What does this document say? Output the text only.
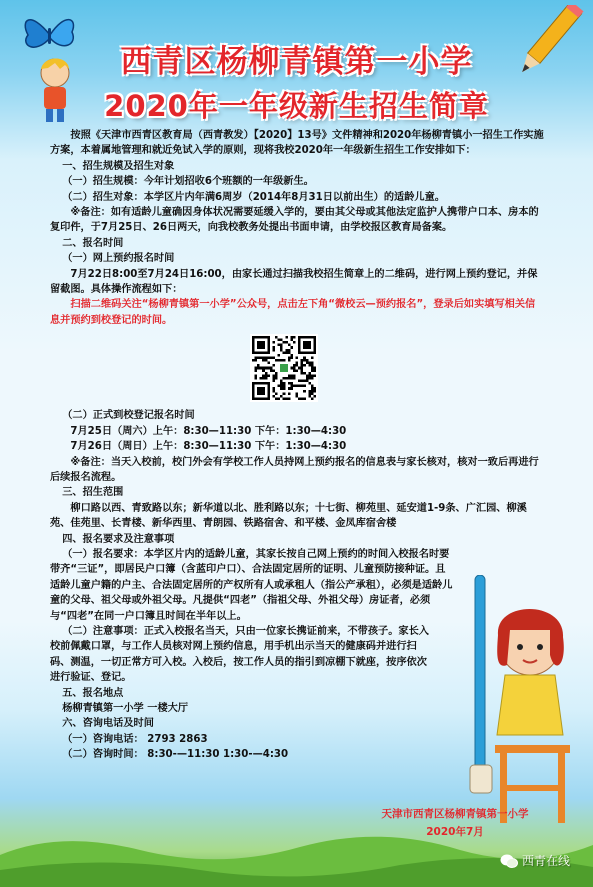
西青区杨柳青镇第一小学
2020年一年级新生招生简章

按照《天津市西青区教育局（西青教发）【2020】13号》文件精神和2020年杨柳青镇小一招生工作实施方案，本着属地管理和就近免试入学的原则，现将我校2020年一年级新生招生工作安排如下：

一、招生规模及招生对象

（一）招生规模：今年计划招收6个班额的一年级新生。

（二）招生对象：本学区片内年满6周岁（2014年8月31日以前出生）的适龄儿童。

※备注：如有适龄儿童确因身体状况需要延缓入学的，要由其父母或其他法定监护人携带户口本、房本的复印件，于7月25日、26日两天，向我校教务处提出书面申请，由学校报区教育局备案。

二、报名时间

（一）网上预约报名时间

7月22日8:00至7月24日16:00，由家长通过扫描我校招生简章上的二维码，进行网上预约登记，并保留截图。具体操作流程如下：

扫描二维码关注“杨柳青镇第一小学”公众号，点击左下角“微校云—预约报名”，登录后如实填写相关信息并预约到校登记的时间。

（二）正式到校登记报名时间

7月25日（周六）上午：8:30—11:30 下午：1:30—4:30

7月26日（周日）上午：8:30—11:30 下午：1:30—4:30

※备注：当天入校前，校门外会有学校工作人员持网上预约报名的信息表与家长核对，核对一致后再进行后续报名流程。

三、招生范围

柳口路以西、青致路以东；新华道以北、胜利路以东；十七街、柳苑里、延安道1-9条、广汇园、柳溪苑、佳苑里、长青楼、新华西里、青朗园、铁路宿舍、和平楼、金凤库宿舍楼

四、报名要求及注意事项

（一）报名要求：本学区片内的适龄儿童，其家长按自己网上预约的时间入校报名时要带齐“三证”，即居民户口簿（含蓝印户口）、合法固定居所的证明、儿童预防接种证。且适龄儿童户籍的户主、合法固定居所的产权所有人或承租人（指公产承租），必须是适龄儿童的父母、祖父母或外祖父母。凡提供“四老”（指祖父母、外祖父母）房证者，必须与“四老”在同一户口簿且时间在半年以上。

（二）注意事项：正式入校报名当天，只由一位家长携证前来，不带孩子。家长入校前佩戴口罩，与工作人员核对网上预约信息，用手机出示当天的健康码并进行扫码、测温，一切正常方可入校。入校后，按工作人员的指引到凉棚下就座，按序依次进行验证、登记。

五、报名地点

杨柳青镇第一小学 一楼大厅

六、咨询电话及时间

（一）咨询电话： 2793 2863

（二）咨询时间： 8:30-—11:30 1:30-—4:30

天津市西青区杨柳青镇第一小学
2020年7月
西青在线
